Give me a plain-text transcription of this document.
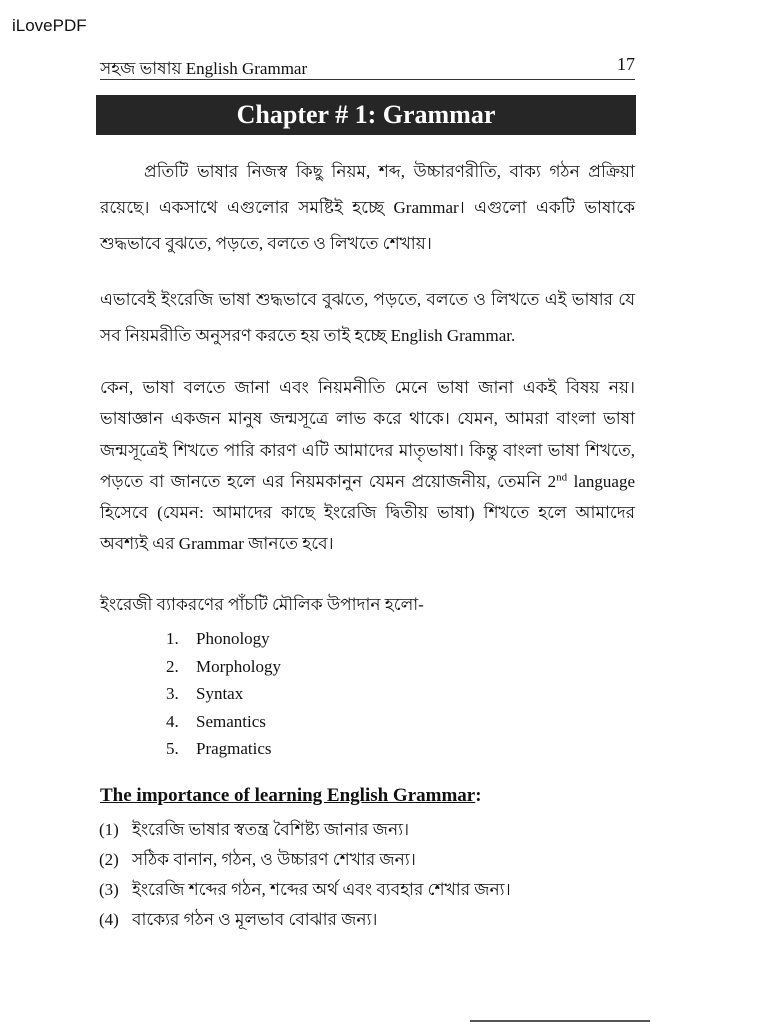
iLovePDF
সহজ ভাষায় English Grammar	17
Chapter # 1: Grammar
প্রতিটি ভাষার নিজস্ব কিছু নিয়ম, শব্দ, উচ্চারণরীতি, বাক্য গঠন প্রক্রিয়া রয়েছে। একসাথে এগুলোর সমষ্টিই হচ্ছে Grammar। এগুলো একটি ভাষাকে শুদ্ধভাবে বুঝতে, পড়তে, বলতে ও লিখতে শেখায়।
এভাবেই ইংরেজি ভাষা শুদ্ধভাবে বুঝতে, পড়তে, বলতে ও লিখতে এই ভাষার যে সব নিয়মরীতি অনুসরণ করতে হয় তাই হচ্ছে English Grammar.
কেন, ভাষা বলতে জানা এবং নিয়মনীতি মেনে ভাষা জানা একই বিষয় নয়।
ভাষাজ্ঞান একজন মানুষ জন্মসূত্রে লাভ করে থাকে। যেমন, আমরা বাংলা ভাষা
জন্মসূত্রেই শিখতে পারি কারণ এটি আমাদের মাতৃভাষা। কিন্তু বাংলা ভাষা শিখতে,
পড়তে বা জানতে হলে এর নিয়মকানুন যেমন প্রয়োজনীয়, তেমনি 2nd language
হিসেবে (যেমন: আমাদের কাছে ইংরেজি দ্বিতীয় ভাষা) শিখতে হলে আমাদের
অবশ্যই এর Grammar জানতে হবে।
ইংরেজী ব্যাকরণের পাঁচটি মৌলিক উপাদান হলো-
1. Phonology
2. Morphology
3. Syntax
4. Semantics
5. Pragmatics
The importance of learning English Grammar:
(1) ইংরেজি ভাষার স্বতন্ত্র বৈশিষ্ট্য জানার জন্য।
(2) সঠিক বানান, গঠন, ও উচ্চারণ শেখার জন্য।
(3) ইংরেজি শব্দের গঠন, শব্দের অর্থ এবং ব্যবহার শেখার জন্য।
(4) বাক্যের গঠন ও মূলভাব বোঝার জন্য।
